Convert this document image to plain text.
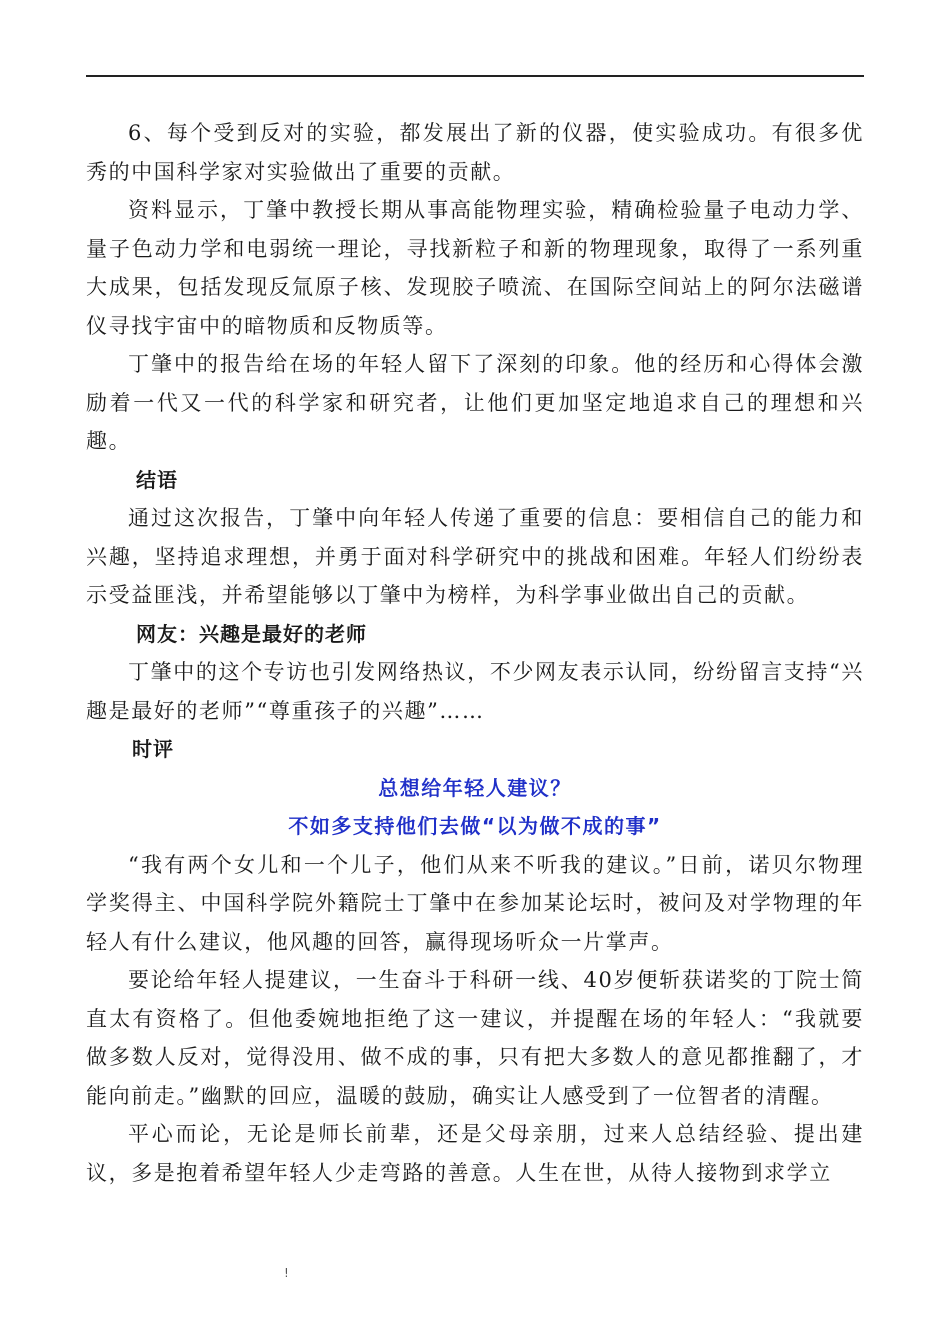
6、每个受到反对的实验，都发展出了新的仪器，使实验成功。有很多优秀的中国科学家对实验做出了重要的贡献。

资料显示，丁肇中教授长期从事高能物理实验，精确检验量子电动力学、量子色动力学和电弱统一理论，寻找新粒子和新的物理现象，取得了一系列重大成果，包括发现反氚原子核、发现胶子喷流、在国际空间站上的阿尔法磁谱仪寻找宇宙中的暗物质和反物质等。

丁肇中的报告给在场的年轻人留下了深刻的印象。他的经历和心得体会激励着一代又一代的科学家和研究者，让他们更加坚定地追求自己的理想和兴趣。

结语

通过这次报告，丁肇中向年轻人传递了重要的信息：要相信自己的能力和兴趣，坚持追求理想，并勇于面对科学研究中的挑战和困难。年轻人们纷纷表示受益匪浅，并希望能够以丁肇中为榜样，为科学事业做出自己的贡献。

网友：兴趣是最好的老师

丁肇中的这个专访也引发网络热议，不少网友表示认同，纷纷留言支持“兴趣是最好的老师”“尊重孩子的兴趣”……

时评

总想给年轻人建议？

不如多支持他们去做“以为做不成的事”

“我有两个女儿和一个儿子，他们从来不听我的建议。”日前，诺贝尔物理学奖得主、中国科学院外籍院士丁肇中在参加某论坛时，被问及对学物理的年轻人有什么建议，他风趣的回答，赢得现场听众一片掌声。

要论给年轻人提建议，一生奋斗于科研一线、40岁便斩获诺奖的丁院士简直太有资格了。但他委婉地拒绝了这一建议，并提醒在场的年轻人：“我就要做多数人反对，觉得没用、做不成的事，只有把大多数人的意见都推翻了，才能向前走。”幽默的回应，温暖的鼓励，确实让人感受到了一位智者的清醒。

平心而论，无论是师长前辈，还是父母亲朋，过来人总结经验、提出建议，多是抱着希望年轻人少走弯路的善意。人生在世，从待人接物到求学立

!
